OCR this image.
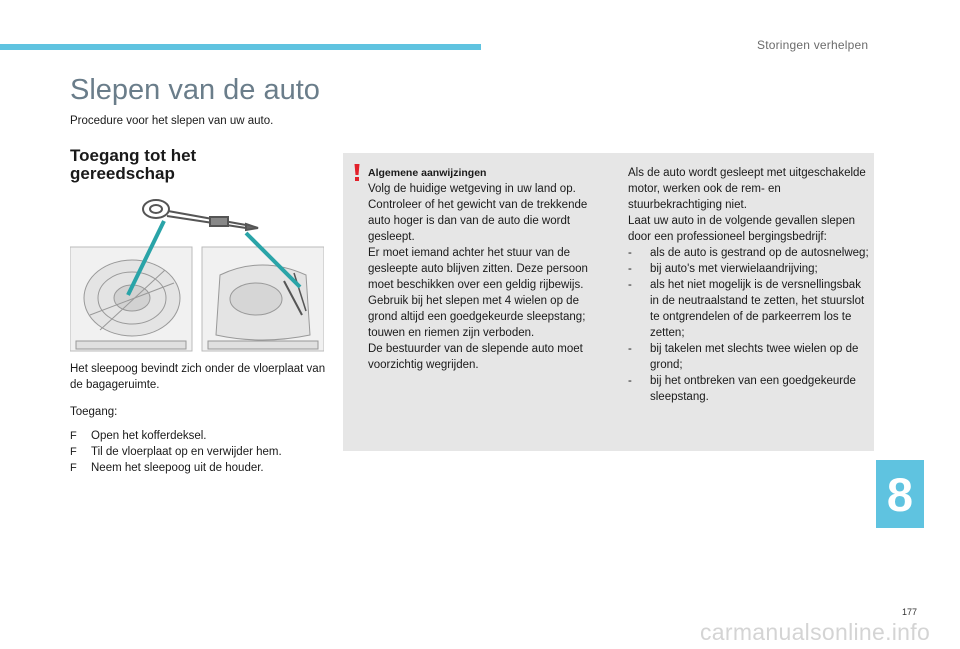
Storingen verhelpen
Slepen van de auto
Procedure voor het slepen van uw auto.
Toegang tot het
gereedschap
Het sleepoog bevindt zich onder de vloerplaat van de bagageruimte.
Toegang:
F Open het kofferdeksel.
F Til de vloerplaat op en verwijder hem.
F Neem het sleepoog uit de houder.
Algemene aanwijzingen
Volg de huidige wetgeving in uw land op.
Controleer of het gewicht van de trekkende auto hoger is dan van de auto die wordt gesleept.
Er moet iemand achter het stuur van de gesleepte auto blijven zitten. Deze persoon moet beschikken over een geldig rijbewijs.
Gebruik bij het slepen met 4 wielen op de grond altijd een goedgekeurde sleepstang; touwen en riemen zijn verboden.
De bestuurder van de slepende auto moet voorzichtig wegrijden.
Als de auto wordt gesleept met uitgeschakelde motor, werken ook de rem- en stuurbekrachtiging niet.
Laat uw auto in de volgende gevallen slepen door een professioneel bergingsbedrijf:
- als de auto is gestrand op de autosnelweg;
- bij auto's met vierwielaandrijving;
- als het niet mogelijk is de versnellingsbak in de neutraalstand te zetten, het stuurslot te ontgrendelen of de parkeerrem los te zetten;
- bij takelen met slechts twee wielen op de grond;
- bij het ontbreken van een goedgekeurde sleepstang.
8
177
carmanualsonline.info
